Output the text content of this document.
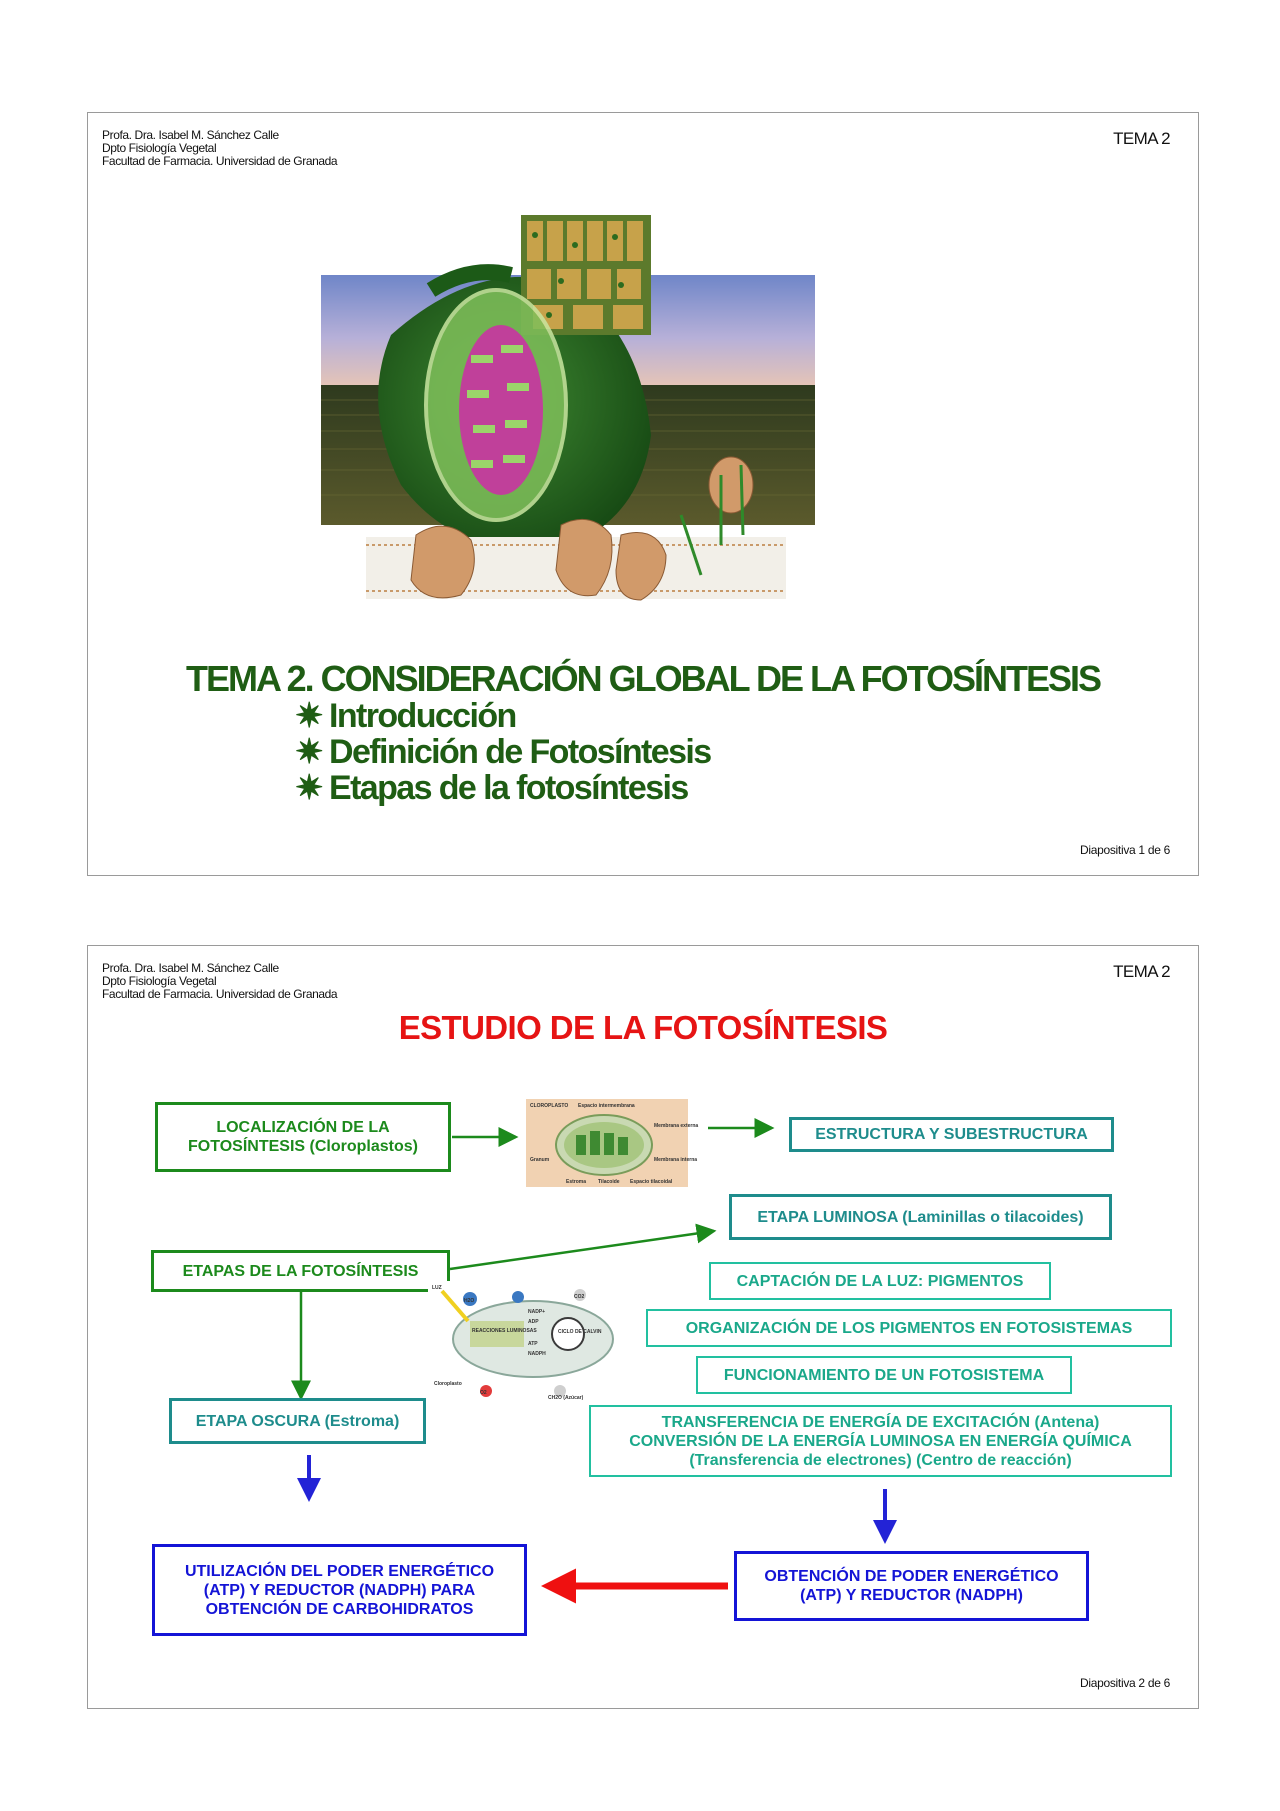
Profa. Dra. Isabel M. Sánchez Calle
Dpto Fisiología Vegetal
Facultad de Farmacia. Universidad de Granada
TEMA 2
TEMA 2. CONSIDERACIÓN GLOBAL DE LA FOTOSÍNTESIS
✷ Introducción
✷ Definición de Fotosíntesis
✷ Etapas de la fotosíntesis
Diapositiva 1 de 6
Profa. Dra. Isabel M. Sánchez Calle
Dpto Fisiología Vegetal
Facultad de Farmacia. Universidad de Granada
TEMA 2
ESTUDIO DE LA FOTOSÍNTESIS
LOCALIZACIÓN DE LA FOTOSÍNTESIS (Cloroplastos)
ESTRUCTURA Y SUBESTRUCTURA
ETAPA LUMINOSA (Laminillas o tilacoides)
ETAPAS DE LA FOTOSÍNTESIS
CAPTACIÓN DE LA LUZ: PIGMENTOS
ORGANIZACIÓN DE LOS PIGMENTOS EN FOTOSISTEMAS
FUNCIONAMIENTO DE UN FOTOSISTEMA
ETAPA OSCURA (Estroma)	TRANSFERENCIA DE ENERGÍA DE EXCITACIÓN (Antena)
CONVERSIÓN DE LA ENERGÍA LUMINOSA EN ENERGÍA QUÍMICA
(Transferencia de electrones) (Centro de reacción)
UTILIZACIÓN DEL PODER ENERGÉTICO
(ATP) Y REDUCTOR (NADPH) PARA
OBTENCIÓN DE CARBOHIDRATOS
OBTENCIÓN DE PODER ENERGÉTICO
(ATP) Y REDUCTOR (NADPH)
CLOROPLASTO Espacio intermembrana
Membrana externa
Membrana interna
Granum
Estroma Tilacoide Espacio tilacoidal
LUZ
REACCIONES LUMINOSAS	CICLO DE CALVIN
NADP+
ADP
ATP
NADPH
H2O
O2
CO2
CH2O (Azúcar)
Cloroplasto
Diapositiva 2 de 6
